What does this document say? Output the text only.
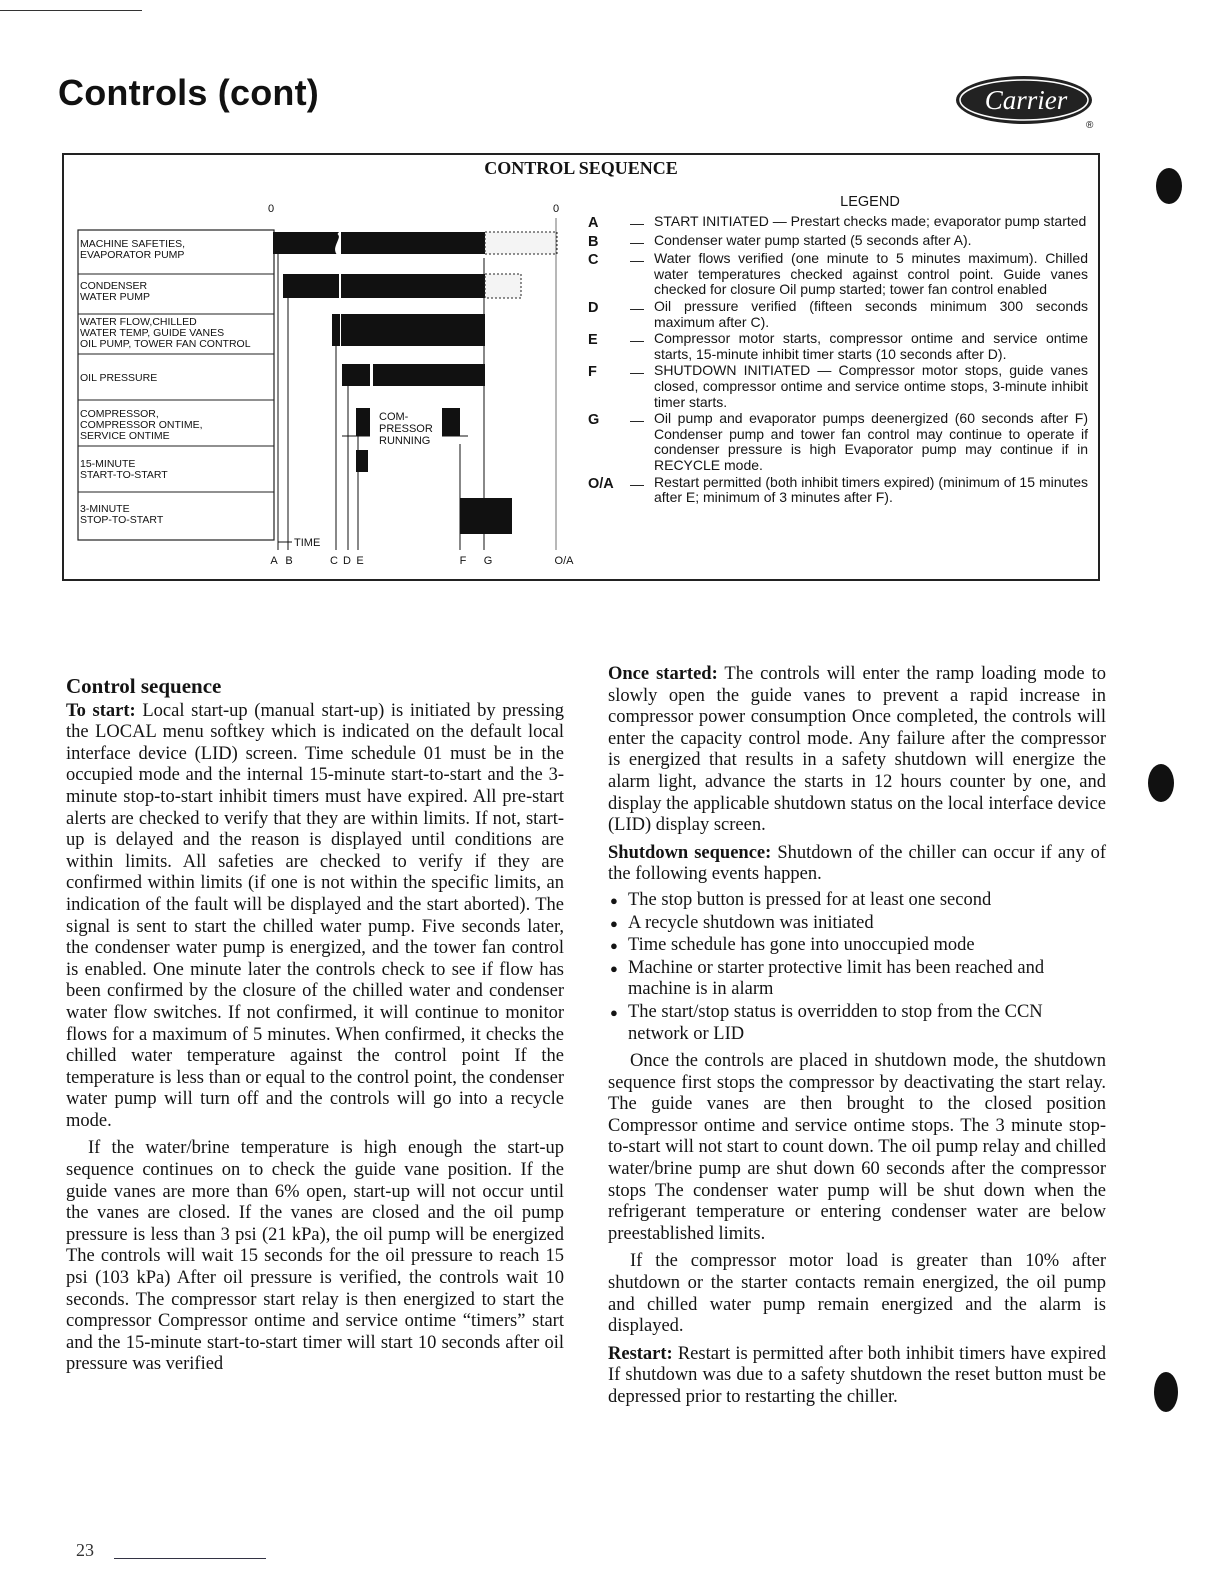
Controls (cont)	Carrier
®
CONTROL SEQUENCE
0	0
COM-
PRESSOR
RUNNING
TIME
A B	C D E	F G	O/A
MACHINE SAFETIES,
EVAPORATOR PUMP
CONDENSER
WATER PUMP
WATER FLOW,CHILLED
WATER TEMP, GUIDE VANES
OIL PUMP, TOWER FAN CONTROL
OIL PRESSURE
COMPRESSOR,
COMPRESSOR ONTIME,
SERVICE ONTIME
15-MINUTE
START-TO-START
3-MINUTE
STOP-TO-START
LEGEND
A	— START INITIATED — Prestart checks made; evaporator pump started
B	— Condenser water pump started (5 seconds after A).
C	— Water flows verified (one minute to 5 minutes maximum). Chilled water temperatures checked against control point. Guide vanes checked for closure Oil pump started; tower fan control enabled
D	— Oil pressure verified (fifteen seconds minimum 300 seconds maximum after C).
E	— Compressor motor starts, compressor ontime and service ontime starts, 15-minute inhibit timer starts (10 seconds after D).
F	— SHUTDOWN INITIATED — Compressor motor stops, guide vanes closed, compressor ontime and service ontime stops, 3-minute inhibit timer starts.
G	— Oil pump and evaporator pumps deenergized (60 seconds after F) Condenser pump and tower fan control may continue to operate if condenser pressure is high Evaporator pump may continue if in RECYCLE mode.
O/A	— Restart permitted (both inhibit timers expired) (minimum of 15 minutes after E; minimum of 3 minutes after F).
Control sequence

To start: Local start-up (manual start-up) is initiated by pressing the LOCAL menu softkey which is indicated on the default local interface device (LID) screen. Time schedule 01 must be in the occupied mode and the internal 15-minute start-to-start and the 3-minute stop-to-start inhibit timers must have expired. All pre-start alerts are checked to verify that they are within limits. If not, start-up is delayed and the reason is displayed until conditions are within limits. All safeties are checked to verify if they are confirmed within limits (if one is not within the specific limits, an indication of the fault will be displayed and the start aborted). The signal is sent to start the chilled water pump. Five seconds later, the condenser water pump is energized, and the tower fan control is enabled. One minute later the controls check to see if flow has been confirmed by the closure of the chilled water and condenser water flow switches. If not confirmed, it will continue to monitor flows for a maximum of 5 minutes. When confirmed, it checks the chilled water temperature against the control point If the temperature is less than or equal to the control point, the condenser water pump will turn off and the controls will go into a recycle mode.

If the water/brine temperature is high enough the start-up sequence continues on to check the guide vane position. If the guide vanes are more than 6% open, start-up will not occur until the vanes are closed. If the vanes are closed and the oil pump pressure is less than 3 psi (21 kPa), the oil pump will be energized The controls will wait 15 seconds for the oil pressure to reach 15 psi (103 kPa) After oil pressure is verified, the controls wait 10 seconds. The compressor start relay is then energized to start the compressor Compressor ontime and service ontime “timers” start and the 15-minute start-to-start timer will start 10 seconds after oil pressure was verified

Once started: The controls will enter the ramp loading mode to slowly open the guide vanes to prevent a rapid increase in compressor power consumption Once completed, the controls will enter the capacity control mode. Any failure after the compressor is energized that results in a safety shutdown will energize the alarm light, advance the starts in 12 hours counter by one, and display the applicable shutdown status on the local interface device (LID) display screen.

Shutdown sequence: Shutdown of the chiller can occur if any of the following events happen.

● The stop button is pressed for at least one second
● A recycle shutdown was initiated
● Time schedule has gone into unoccupied mode
● Machine or starter protective limit has been reached and machine is in alarm
● The start/stop status is overridden to stop from the CCN network or LID

Once the controls are placed in shutdown mode, the shutdown sequence first stops the compressor by deactivating the start relay. The guide vanes are then brought to the closed position Compressor ontime and service ontime stops. The 3 minute stop-to-start will not start to count down. The oil pump relay and chilled water/brine pump are shut down 60 seconds after the compressor stops The condenser water pump will be shut down when the refrigerant temperature or entering condenser water are below preestablished limits.

If the compressor motor load is greater than 10% after shutdown or the starter contacts remain energized, the oil pump and chilled water pump remain energized and the alarm is displayed.

Restart: Restart is permitted after both inhibit timers have expired If shutdown was due to a safety shutdown the reset button must be depressed prior to restarting the chiller.

23
